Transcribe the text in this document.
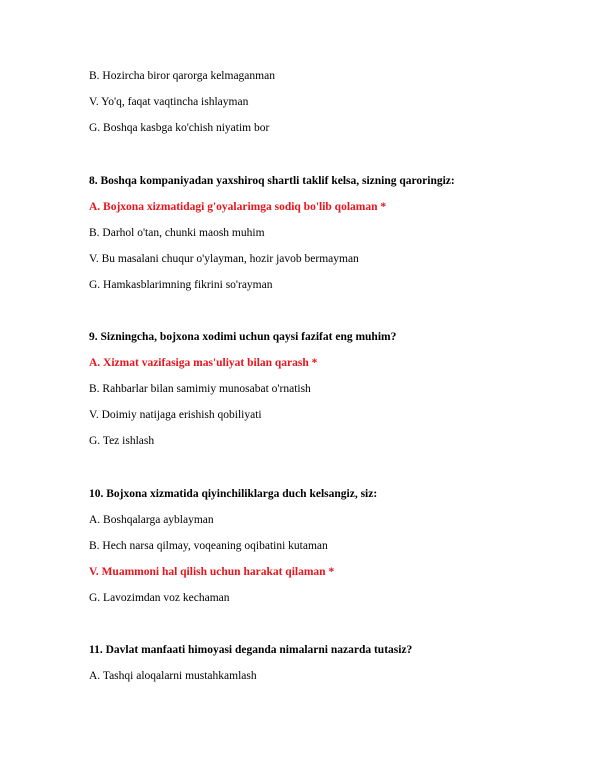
B. Hozircha biror qarorga kelmaganman
V. Yo'q, faqat vaqtincha ishlayman
G. Boshqa kasbga ko'chish niyatim bor
8. Boshqa kompaniyadan yaxshiroq shartli taklif kelsa, sizning qaroringiz:
A. Bojxona xizmatidagi g'oyalarimga sodiq bo'lib qolaman *
B. Darhol o'tan, chunki maosh muhim
V. Bu masalani chuqur o'ylayman, hozir javob bermayman
G. Hamkasblarimning fikrini so'rayman
9. Sizningcha, bojxona xodimi uchun qaysi fazifat eng muhim?
A. Xizmat vazifasiga mas'uliyat bilan qarash *
B. Rahbarlar bilan samimiy munosabat o'rnatish
V. Doimiy natijaga erishish qobiliyati
G. Tez ishlash
10. Bojxona xizmatida qiyinchiliklarga duch kelsangiz, siz:
A. Boshqalarga ayblayman
B. Hech narsa qilmay, voqeaning oqibatini kutaman
V. Muammoni hal qilish uchun harakat qilaman *
G. Lavozimdan voz kechaman
11. Davlat manfaati himoyasi deganda nimalarni nazarda tutasiz?
A. Tashqi aloqalarni mustahkamlash
